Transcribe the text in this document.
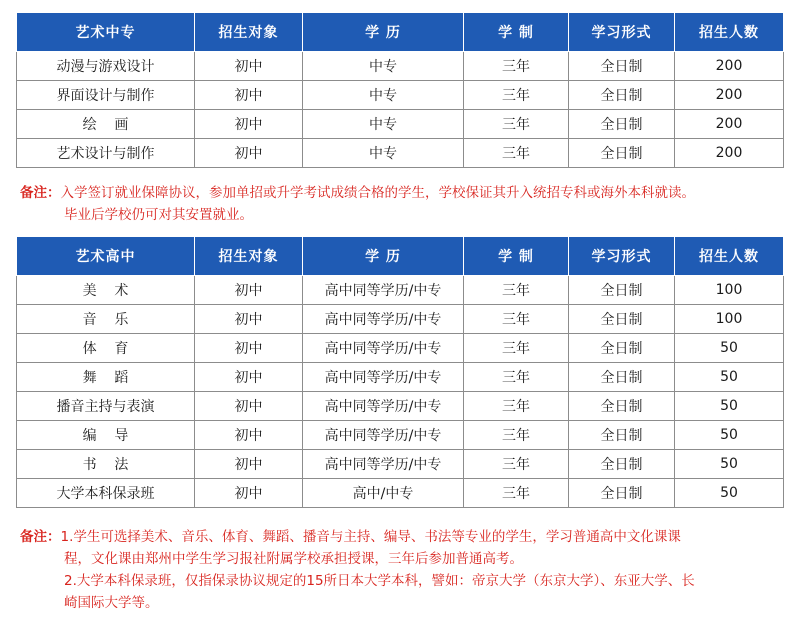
艺术中专	招生对象	学 历	学 制	学习形式	招生人数
动漫与游戏设计	初中	中专	三年	全日制	200
界面设计与制作	初中	中专	三年	全日制	200
绘    画	初中	中专	三年	全日制	200
艺术设计与制作	初中	中专	三年	全日制	200
备注：入学签订就业保障协议，参加单招或升学考试成绩合格的学生，学校保证其升入统招专科或海外本科就读。
毕业后学校仍可对其安置就业。
艺术高中	招生对象	学 历	学 制	学习形式	招生人数
美    术	初中	高中同等学历/中专	三年	全日制	100
音    乐	初中	高中同等学历/中专	三年	全日制	100
体    育	初中	高中同等学历/中专	三年	全日制	50
舞    蹈	初中	高中同等学历/中专	三年	全日制	50
播音主持与表演	初中	高中同等学历/中专	三年	全日制	50
编    导	初中	高中同等学历/中专	三年	全日制	50
书    法	初中	高中同等学历/中专	三年	全日制	50
大学本科保录班	初中	高中/中专	三年	全日制	50
备注：1.学生可选择美术、音乐、体育、舞蹈、播音与主持、编导、书法等专业的学生，学习普通高中文化课课
程，文化课由郑州中学生学习报社附属学校承担授课，三年后参加普通高考。
2.大学本科保录班，仅指保录协议规定的15所日本大学本科，譬如：帝京大学（东京大学）、东亚大学、长
崎国际大学等。
